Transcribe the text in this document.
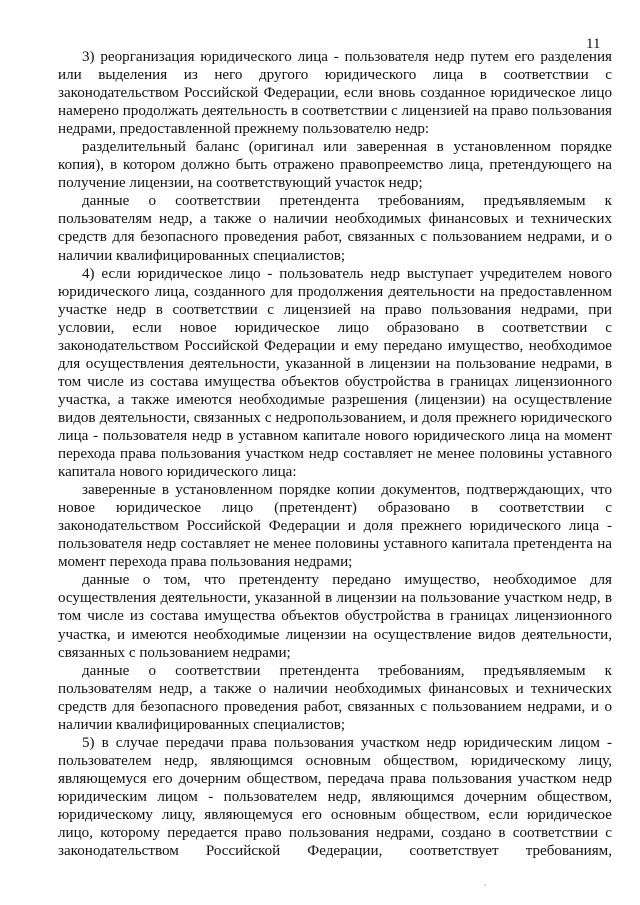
11

3) реорганизация юридического лица - пользователя недр путем его разделения или выделения из него другого юридического лица в соответствии с законодательством Российской Федерации, если вновь созданное юридическое лицо намерено продолжать деятельность в соответствии с лицензией на право пользования недрами, предоставленной прежнему пользователю недр:

разделительный баланс (оригинал или заверенная в установленном порядке копия), в котором должно быть отражено правопреемство лица, претендующего на получение лицензии, на соответствующий участок недр;

данные о соответствии претендента требованиям, предъявляемым к пользователям недр, а также о наличии необходимых финансовых и технических средств для безопасного проведения работ, связанных с пользованием недрами, и о наличии квалифицированных специалистов;

4) если юридическое лицо - пользователь недр выступает учредителем нового юридического лица, созданного для продолжения деятельности на предоставленном участке недр в соответствии с лицензией на право пользования недрами, при условии, если новое юридическое лицо образовано в соответствии с законодательством Российской Федерации и ему передано имущество, необходимое для осуществления деятельности, указанной в лицензии на пользование недрами, в том числе из состава имущества объектов обустройства в границах лицензионного участка, а также имеются необходимые разрешения (лицензии) на осуществление видов деятельности, связанных с недропользованием, и доля прежнего юридического лица - пользователя недр в уставном капитале нового юридического лица на момент перехода права пользования участком недр составляет не менее половины уставного капитала нового юридического лица:

заверенные в установленном порядке копии документов, подтверждающих, что новое юридическое лицо (претендент) образовано в соответствии с законодательством Российской Федерации и доля прежнего юридического лица - пользователя недр составляет не менее половины уставного капитала претендента на момент перехода права пользования недрами;

данные о том, что претенденту передано имущество, необходимое для осуществления деятельности, указанной в лицензии на пользование участком недр, в том числе из состава имущества объектов обустройства в границах лицензионного участка, и имеются необходимые лицензии на осуществление видов деятельности, связанных с пользованием недрами;

данные о соответствии претендента требованиям, предъявляемым к пользователям недр, а также о наличии необходимых финансовых и технических средств для безопасного проведения работ, связанных с пользованием недрами, и о наличии квалифицированных специалистов;

5) в случае передачи права пользования участком недр юридическим лицом - пользователем недр, являющимся основным обществом, юридическому лицу, являющемуся его дочерним обществом, передача права пользования участком недр юридическим лицом - пользователем недр, являющимся дочерним обществом, юридическому лицу, являющемуся его основным обществом, если юридическое лицо, которому передается право пользования недрами, создано в соответствии с законодательством Российской Федерации, соответствует требованиям,
